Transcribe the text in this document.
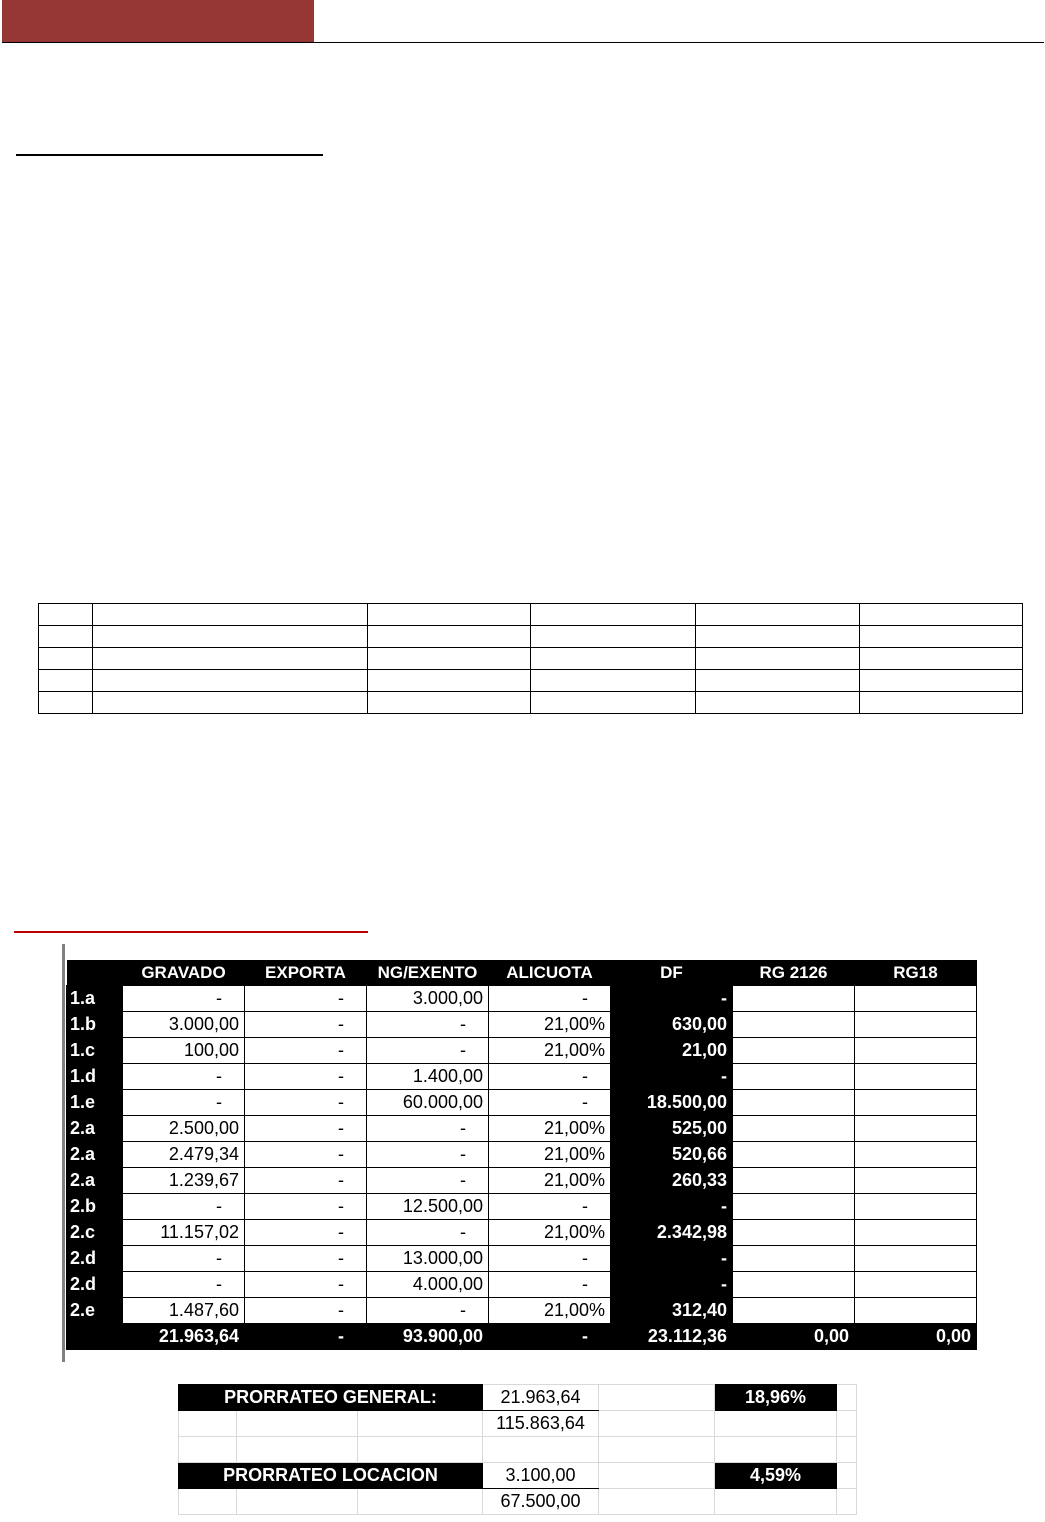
	GRAVADO	EXPORTA	NG/EXENTO	ALICUOTA	DF	RG 2126	RG18
1.a	-	-	3.000,00	-	-		
1.b	3.000,00	-	-	21,00%	630,00		
1.c	100,00	-	-	21,00%	21,00		
1.d	-	-	1.400,00	-	-		
1.e	-	-	60.000,00	-	18.500,00		
2.a	2.500,00	-	-	21,00%	525,00		
2.a	2.479,34	-	-	21,00%	520,66		
2.a	1.239,67	-	-	21,00%	260,33		
2.b	-	-	12.500,00	-	-		
2.c	11.157,02	-	-	21,00%	2.342,98		
2.d	-	-	13.000,00	-	-		
2.d	-	-	4.000,00	-	-		
2.e	1.487,60	-	-	21,00%	312,40		
	21.963,64	-	93.900,00	-	23.112,36	0,00	0,00
PRORRATEO GENERAL:			21.963,64		18,96%	
			115.863,64			

PRORRATEO LOCACION			3.100,00		4,59%	
			67.500,00			
